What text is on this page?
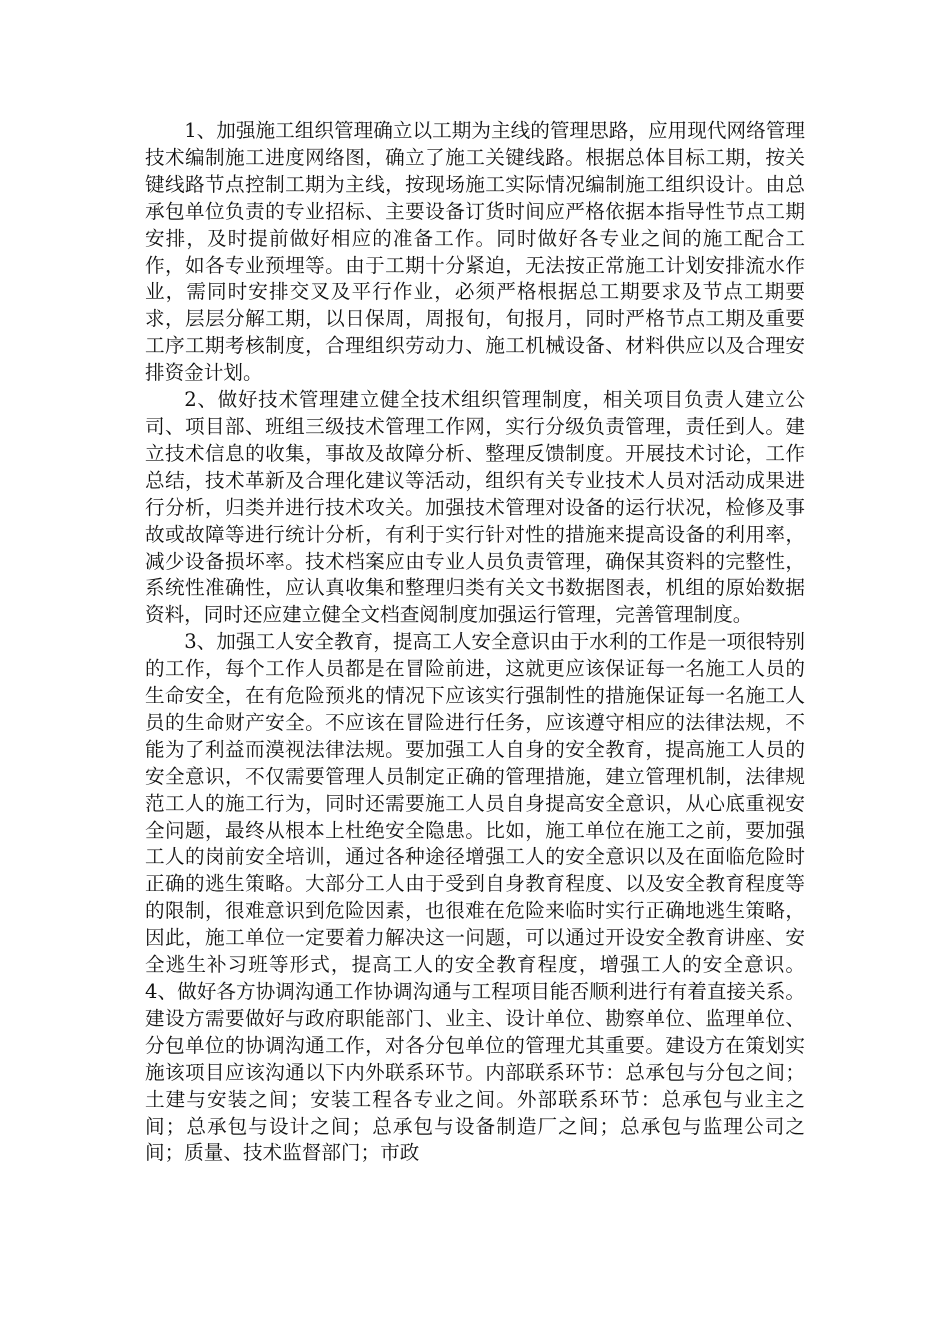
1、加强施工组织管理确立以工期为主线的管理思路，应用现代网络管理技术编制施工进度网络图，确立了施工关键线路。根据总体目标工期，按关键线路节点控制工期为主线，按现场施工实际情况编制施工组织设计。由总承包单位负责的专业招标、主要设备订货时间应严格依据本指导性节点工期安排，及时提前做好相应的准备工作。同时做好各专业之间的施工配合工作，如各专业预埋等。由于工期十分紧迫，无法按正常施工计划安排流水作业，需同时安排交叉及平行作业，必须严格根据总工期要求及节点工期要求，层层分解工期，以日保周，周报旬，旬报月，同时严格节点工期及重要工序工期考核制度，合理组织劳动力、施工机械设备、材料供应以及合理安排资金计划。

2、做好技术管理建立健全技术组织管理制度，相关项目负责人建立公司、项目部、班组三级技术管理工作网，实行分级负责管理，责任到人。建立技术信息的收集，事故及故障分析、整理反馈制度。开展技术讨论，工作总结，技术革新及合理化建议等活动，组织有关专业技术人员对活动成果进行分析，归类并进行技术攻关。加强技术管理对设备的运行状况，检修及事故或故障等进行统计分析，有利于实行针对性的措施来提高设备的利用率，减少设备损坏率。技术档案应由专业人员负责管理，确保其资料的完整性，系统性准确性，应认真收集和整理归类有关文书数据图表，机组的原始数据资料，同时还应建立健全文档查阅制度加强运行管理，完善管理制度。

3、加强工人安全教育，提高工人安全意识由于水利的工作是一项很特别的工作，每个工作人员都是在冒险前进，这就更应该保证每一名施工人员的生命安全，在有危险预兆的情况下应该实行强制性的措施保证每一名施工人员的生命财产安全。不应该在冒险进行任务，应该遵守相应的法律法规，不能为了利益而漠视法律法规。要加强工人自身的安全教育，提高施工人员的安全意识，不仅需要管理人员制定正确的管理措施，建立管理机制，法律规范工人的施工行为，同时还需要施工人员自身提高安全意识，从心底重视安全问题，最终从根本上杜绝安全隐患。比如，施工单位在施工之前，要加强工人的岗前安全培训，通过各种途径增强工人的安全意识以及在面临危险时正确的逃生策略。大部分工人由于受到自身教育程度、以及安全教育程度等的限制，很难意识到危险因素，也很难在危险来临时实行正确地逃生策略，因此，施工单位一定要着力解决这一问题，可以通过开设安全教育讲座、安全逃生补习班等形式，提高工人的安全教育程度，增强工人的安全意识。 4、做好各方协调沟通工作协调沟通与工程项目能否顺利进行有着直接关系。建设方需要做好与政府职能部门、业主、设计单位、勘察单位、监理单位、分包单位的协调沟通工作，对各分包单位的管理尤其重要。建设方在策划实施该项目应该沟通以下内外联系环节。内部联系环节：总承包与分包之间；土建与安装之间；安装工程各专业之间。外部联系环节：总承包与业主之间；总承包与设计之间；总承包与设备制造厂之间；总承包与监理公司之间；质量、技术监督部门；市政
